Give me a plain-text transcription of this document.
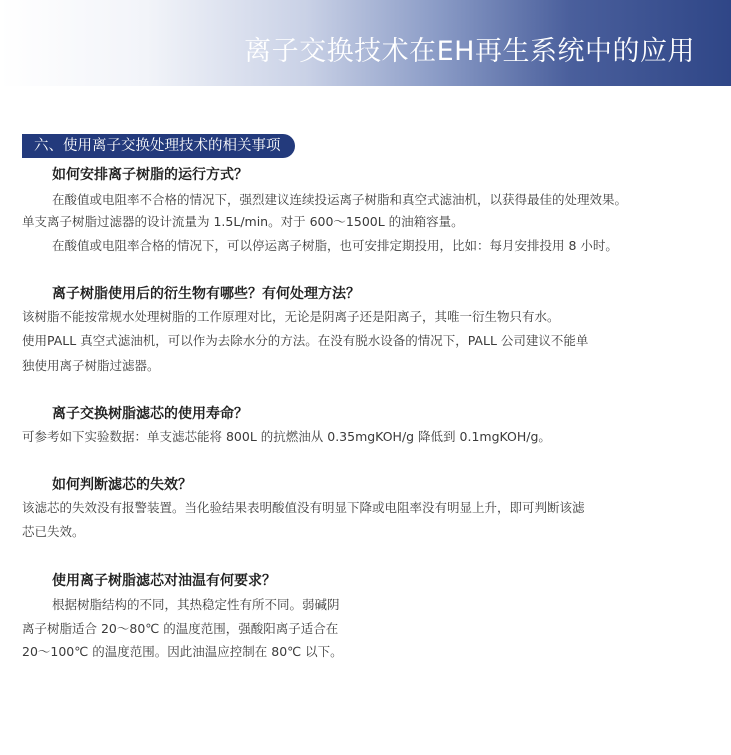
离子交换技术在EH再生系统中的应用
六、使用离子交换处理技术的相关事项
如何安排离子树脂的运行方式？
在酸值或电阻率不合格的情况下，强烈建议连续投运离子树脂和真空式滤油机，以获得最佳的处理效果。
单支离子树脂过滤器的设计流量为 1.5L/min。对于 600～1500L 的油箱容量。
在酸值或电阻率合格的情况下，可以停运离子树脂，也可安排定期投用，比如：每月安排投用 8 小时。
离子树脂使用后的衍生物有哪些？有何处理方法？
该树脂不能按常规水处理树脂的工作原理对比，无论是阴离子还是阳离子，其唯一衍生物只有水。
使用PALL 真空式滤油机，可以作为去除水分的方法。在没有脱水设备的情况下，PALL 公司建议不能单
独使用离子树脂过滤器。
离子交换树脂滤芯的使用寿命？
可参考如下实验数据：单支滤芯能将 800L 的抗燃油从 0.35mgKOH/g 降低到 0.1mgKOH/g。
如何判断滤芯的失效？
该滤芯的失效没有报警装置。当化验结果表明酸值没有明显下降或电阻率没有明显上升，即可判断该滤
芯已失效。
使用离子树脂滤芯对油温有何要求？
根据树脂结构的不同，其热稳定性有所不同。弱碱阴
离子树脂适合 20～80℃ 的温度范围，强酸阳离子适合在
20～100℃ 的温度范围。因此油温应控制在 80℃ 以下。
